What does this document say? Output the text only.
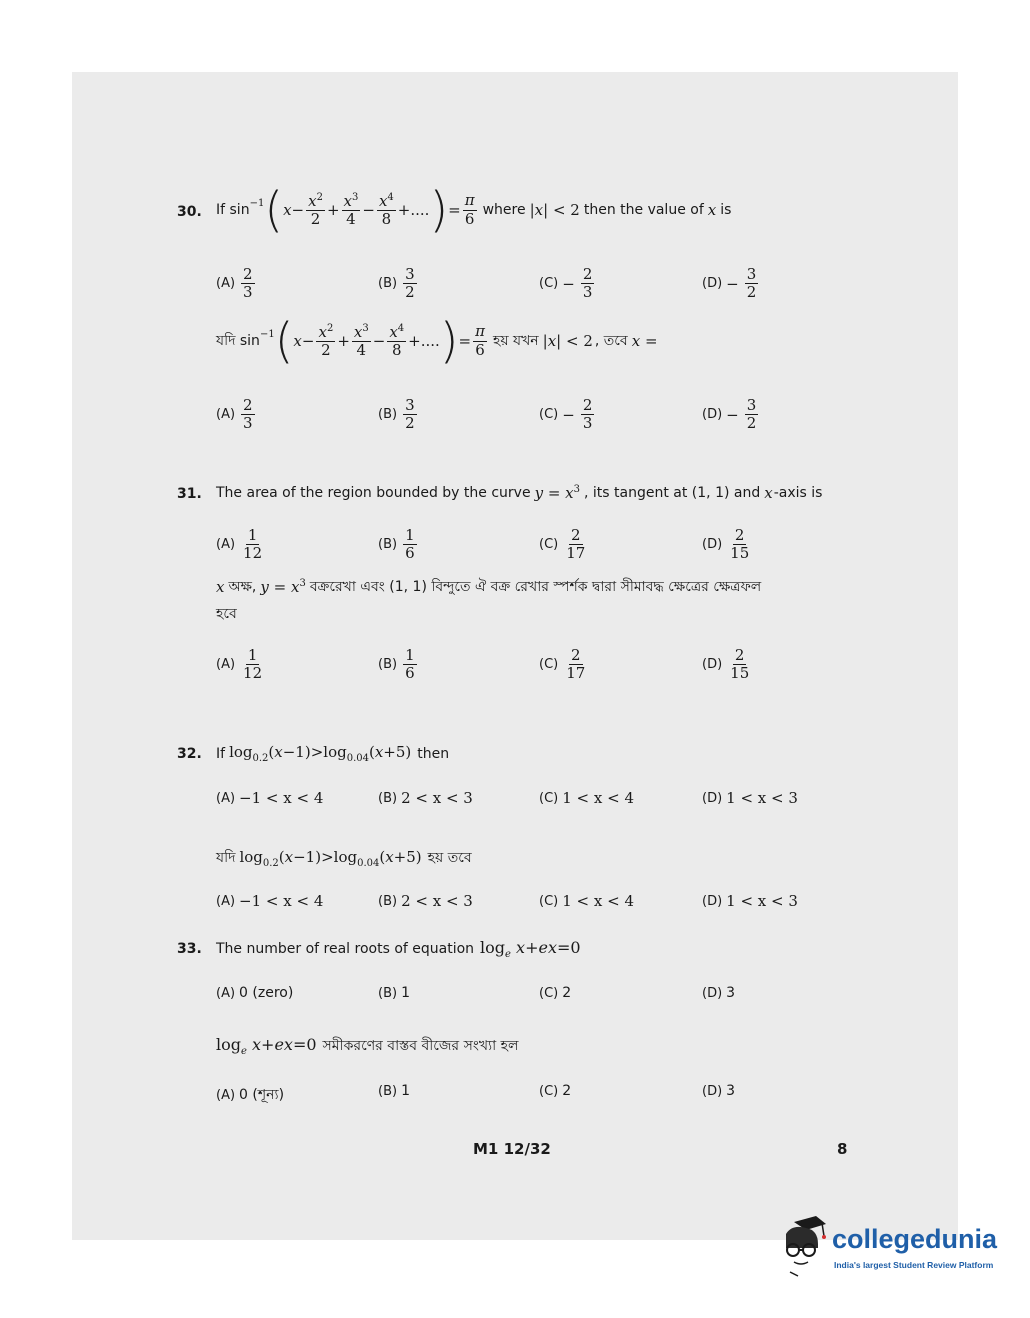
30. If $\sin^{-1}$ ( $x - \frac{x^2}{2} + \frac{x^3}{4} - \frac{x^4}{8}$ +.... ) = $\frac{\pi}{6}$ where |x| < 2 then the value of x is
$(A) \frac{2}{3}$	$(B) \frac{3}{2}$	$(C) - \frac{2}{3}$	$(D) - \frac{3}{2}$
যদি $\sin^{-1}$ ( $x - \frac{x^2}{2} + \frac{x^3}{4} - \frac{x^4}{8}$ +.... ) = $\frac{\pi}{6}$ হয় যখন |x| < 2 , তবে x =
$(A) \frac{2}{3}$	$(B) \frac{3}{2}$	$(C) - \frac{2}{3}$	$(D) - \frac{3}{2}$
31. The area of the region bounded by the curve $y = x^3$ , its tangent at (1, 1) and x -axis is
$(A) \frac{1}{12}$	$(B) \frac{1}{6}$	$(C) \frac{2}{17}$	$(D) \frac{2}{15}$
x অক্ষ, $y = x^3$ বক্ররেখা এবং (1, 1) বিন্দুতে ঐ বক্র রেখার স্পর্শক দ্বারা সীমাবদ্ধ ক্ষেত্রের ক্ষেত্রফল
হবে
$(A) \frac{1}{12}$	$(B) \frac{1}{6}$	$(C) \frac{2}{17}$	$(D) \frac{2}{15}$
32. If $\log_{0.2}(x-1)>\log_{0.04}(x+5)$ then
(A) −1 < x < 4	(B) 2 < x < 3	(C) 1 < x < 4	(D) 1 < x < 3
যদি $\log_{0.2}(x-1)>\log_{0.04}(x+5)$ হয় তবে
(A) −1 < x < 4	(B) 2 < x < 3	(C) 1 < x < 4	(D) 1 < x < 3
33. The number of real roots of equation $\log_e x+ex=0$
(A) 0 (zero)	(B) 1	(C) 2	(D) 3
$\log_e x+ex=0$ সমীকরণের বাস্তব বীজের সংখ্যা হল
(A) 0 (শূন্য)	(B) 1	(C) 2	(D) 3
M1 12/32	8
collegedunia
India's largest Student Review Platform
